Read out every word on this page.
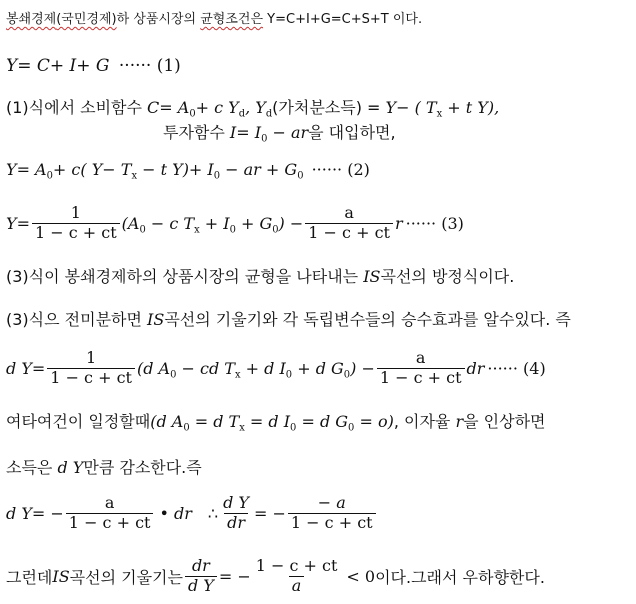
봉쇄경제(국민경제)하 상품시장의 균형조건은 Y=C+I+G=C+S+T 이다.
Y= C+ I+ G ······ (1)
(1)식에서 소비함수 $C= A_0+ c$ $Y_d$, $Y_d$(가처분소득) = Y− ( $T_x + t$ Y),
투자함수 $I= I_0$ − ar을 대입하면,
$Y= A_0+ c$( $Y- T_x - t$ $Y)+ I_0$ − ar + $G_0$ ······ (2)
$Y= \frac{1}{1 - c + ct} (A_0 - c$ $T_x + I_0 + G_0) - \frac{a}{1 - c + ct}$ r ······ (3)
(3)식이 봉쇄경제하의 상품시장의 균형을 나타내는 IS곡선의 방정식이다.
(3)식으 전미분하면 IS곡선의 기울기와 각 독립변수들의 승수효과를 알수있다. 즉
d $Y= \frac{1}{1 - c + ct} (d$ $A_0$ − cd $T_x + d$ $I_0 + d$ $G_0) - \frac{a}{1 - c + ct}$ dr ······ (4)
여타여건이 일정할때(d $A_0 = d$ $T_x = d$ $I_0 = d$ $G_0 = o$), 이자율 r을 인상하면
소득은 d Y만큼 감소한다.즉
d $Y= - \frac{a}{1 - c + ct}$ • dr ∴ $\frac{\text{d Y}}{dr}$ = − $\frac{- a}{1 - c + ct}$
그런데 IS 곡선의 기울기는 $\frac{dr}{\text{d Y}}$ = − $\frac{1 - c + ct}{a} < 0$ 이다.그래서 우하향한다.
